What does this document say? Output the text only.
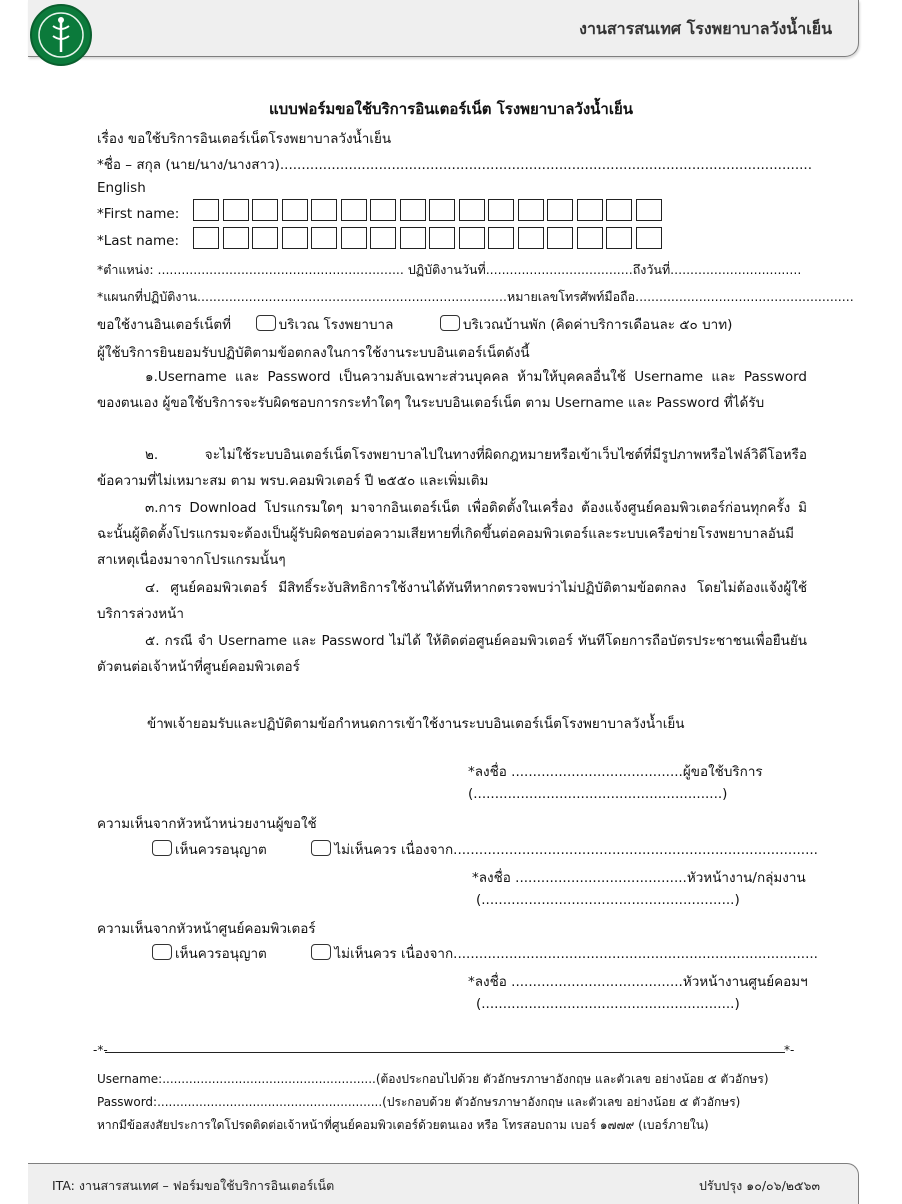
งานสารสนเทศ โรงพยาบาลวังน้ำเย็น
แบบฟอร์มขอใช้บริการอินเตอร์เน็ต โรงพยาบาลวังน้ำเย็น
เรื่อง ขอใช้บริการอินเตอร์เน็ตโรงพยาบาลวังน้ำเย็น
*ชื่อ – สกุล (นาย/นาง/นางสาว)............................................................................................................................
English
*First name:
*Last name:
*ตำแหน่ง: .............................................................. ปฏิบัติงานวันที่.....................................ถึงวันที่.................................
*แผนกที่ปฏิบัติงาน..............................................................................หมายเลขโทรศัพท์มือถือ.......................................................
ขอใช้งานอินเตอร์เน็ตที่	บริเวณ โรงพยาบาล	บริเวณบ้านพัก (คิดค่าบริการเดือนละ ๕๐ บาท)
ผู้ใช้บริการยินยอมรับปฏิบัติตามข้อตกลงในการใช้งานระบบอินเตอร์เน็ตดังนี้
๑.Username และ Password เป็นความลับเฉพาะส่วนบุคคล ห้ามให้บุคคลอื่นใช้ Username และ Password ของตนเอง ผู้ขอใช้บริการจะรับผิดชอบการกระทำใดๆ ในระบบอินเตอร์เน็ต ตาม Username และ Password ที่ได้รับ
๒. จะไม่ใช้ระบบอินเตอร์เน็ตโรงพยาบาลไปในทางที่ผิดกฎหมายหรือเข้าเว็บไซต์ที่มีรูปภาพหรือไฟล์วิดีโอหรือข้อความที่ไม่เหมาะสม ตาม พรบ.คอมพิวเตอร์ ปี ๒๕๕๐ และเพิ่มเติม
๓.การ Download โปรแกรมใดๆ มาจากอินเตอร์เน็ต เพื่อติดตั้งในเครื่อง ต้องแจ้งศูนย์คอมพิวเตอร์ก่อนทุกครั้ง มิฉะนั้นผู้ติดตั้งโปรแกรมจะต้องเป็นผู้รับผิดชอบต่อความเสียหายที่เกิดขึ้นต่อคอมพิวเตอร์และระบบเครือข่ายโรงพยาบาลอันมีสาเหตุเนื่องมาจากโปรแกรมนั้นๆ
๔. ศูนย์คอมพิวเตอร์ มีสิทธิ์ระงับสิทธิการใช้งานได้ทันทีหากตรวจพบว่าไม่ปฏิบัติตามข้อตกลง โดยไม่ต้องแจ้งผู้ใช้บริการล่วงหน้า
๕. กรณี จำ Username และ Password ไม่ได้ ให้ติดต่อศูนย์คอมพิวเตอร์ ทันทีโดยการถือบัตรประชาชนเพื่อยืนยันตัวตนต่อเจ้าหน้าที่ศูนย์คอมพิวเตอร์
ข้าพเจ้ายอมรับและปฏิบัติตามข้อกำหนดการเข้าใช้งานระบบอินเตอร์เน็ตโรงพยาบาลวังน้ำเย็น
*ลงชื่อ ........................................ผู้ขอใช้บริการ
(..........................................................)
ความเห็นจากหัวหน้าหน่วยงานผู้ขอใช้
เห็นควรอนุญาต	ไม่เห็นควร เนื่องจาก.....................................................................................
*ลงชื่อ ........................................หัวหน้างาน/กลุ่มงาน
(...........................................................)
ความเห็นจากหัวหน้าศูนย์คอมพิวเตอร์
เห็นควรอนุญาต	ไม่เห็นควร เนื่องจาก.....................................................................................
*ลงชื่อ ........................................หัวหน้างานศูนย์คอมฯ
(...........................................................)
-*-	*-
Username:........................................................(ต้องประกอบไปด้วย ตัวอักษรภาษาอังกฤษ และตัวเลข อย่างน้อย ๕ ตัวอักษร)
Password:...........................................................(ประกอบด้วย ตัวอักษรภาษาอังกฤษ และตัวเลข อย่างน้อย ๕ ตัวอักษร)
หากมีข้อสงสัยประการใดโปรดติดต่อเจ้าหน้าที่ศูนย์คอมพิวเตอร์ด้วยตนเอง หรือ โทรสอบถาม เบอร์ ๑๗๗๙ (เบอร์ภายใน)
ITA: งานสารสนเทศ – ฟอร์มขอใช้บริการอินเตอร์เน็ต	ปรับปรุง ๑๐/๐๖/๒๕๖๓
